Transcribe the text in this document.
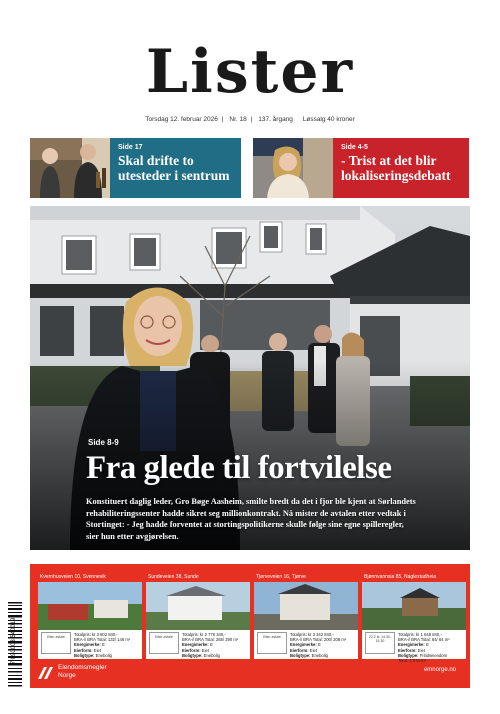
Lister
Torsdag 12. februar 2026 | Nr. 18 | 137. årgang Løssalg 40 kroner
Side 17
Skal drifte to utesteder i sentrum
Side 4-5
- Trist at det blir lokaliseringsdebatt
Side 8-9
Fra glede til fortvilelse
Konstituert daglig leder, Gro Bøge Aasheim, smilte bredt da det i fjor ble kjent at Sørlandets rehabiliteringssenter hadde sikret seg millionkontrakt. Nå mister de avtalen etter vedtak i Stortinget: - Jeg hadde forventet at stortingspolitikerne skulle følge sine egne spilleregler, sier hun etter avgjørelsen.
Kvernhusveien 10, Svennevik
Etter avtale	Totalpris: kr 3 802 840,-
BRA-i/ BRA Total: 132/ 146 m²
Energimerke: E
Eierform: Eiet
Boligtype: Enebolig
Sundeveien 38, Sunde
Etter avtale	Totalpris: kr 2 776 340,-
BRA-i/ BRA Total: 268/ 290 m²
Energimerke: E
Eierform: Eiet
Boligtype: Enebolig
Tjørveveien 16, Tjørve
Etter avtale	Totalpris: kr 3 342 840,-
BRA-i/ BRA Total: 200/ 208 m²
Energimerke: E
Eierform: Eiet
Boligtype: Enebolig
Bjønnvannsia 85, Naglestadheia
22.2 kl. 14.30-15.30
Totalpris: kr 1 648 840,-
BRA-i/ BRA Total: 64/ 64 m²
Energimerke: E
Eierform: Eiet
Boligtype: Fritidseiendom
Tomt: 1 073 m²
Eiendomsmegler
Norge
emnorge.no
7 090003 540019
